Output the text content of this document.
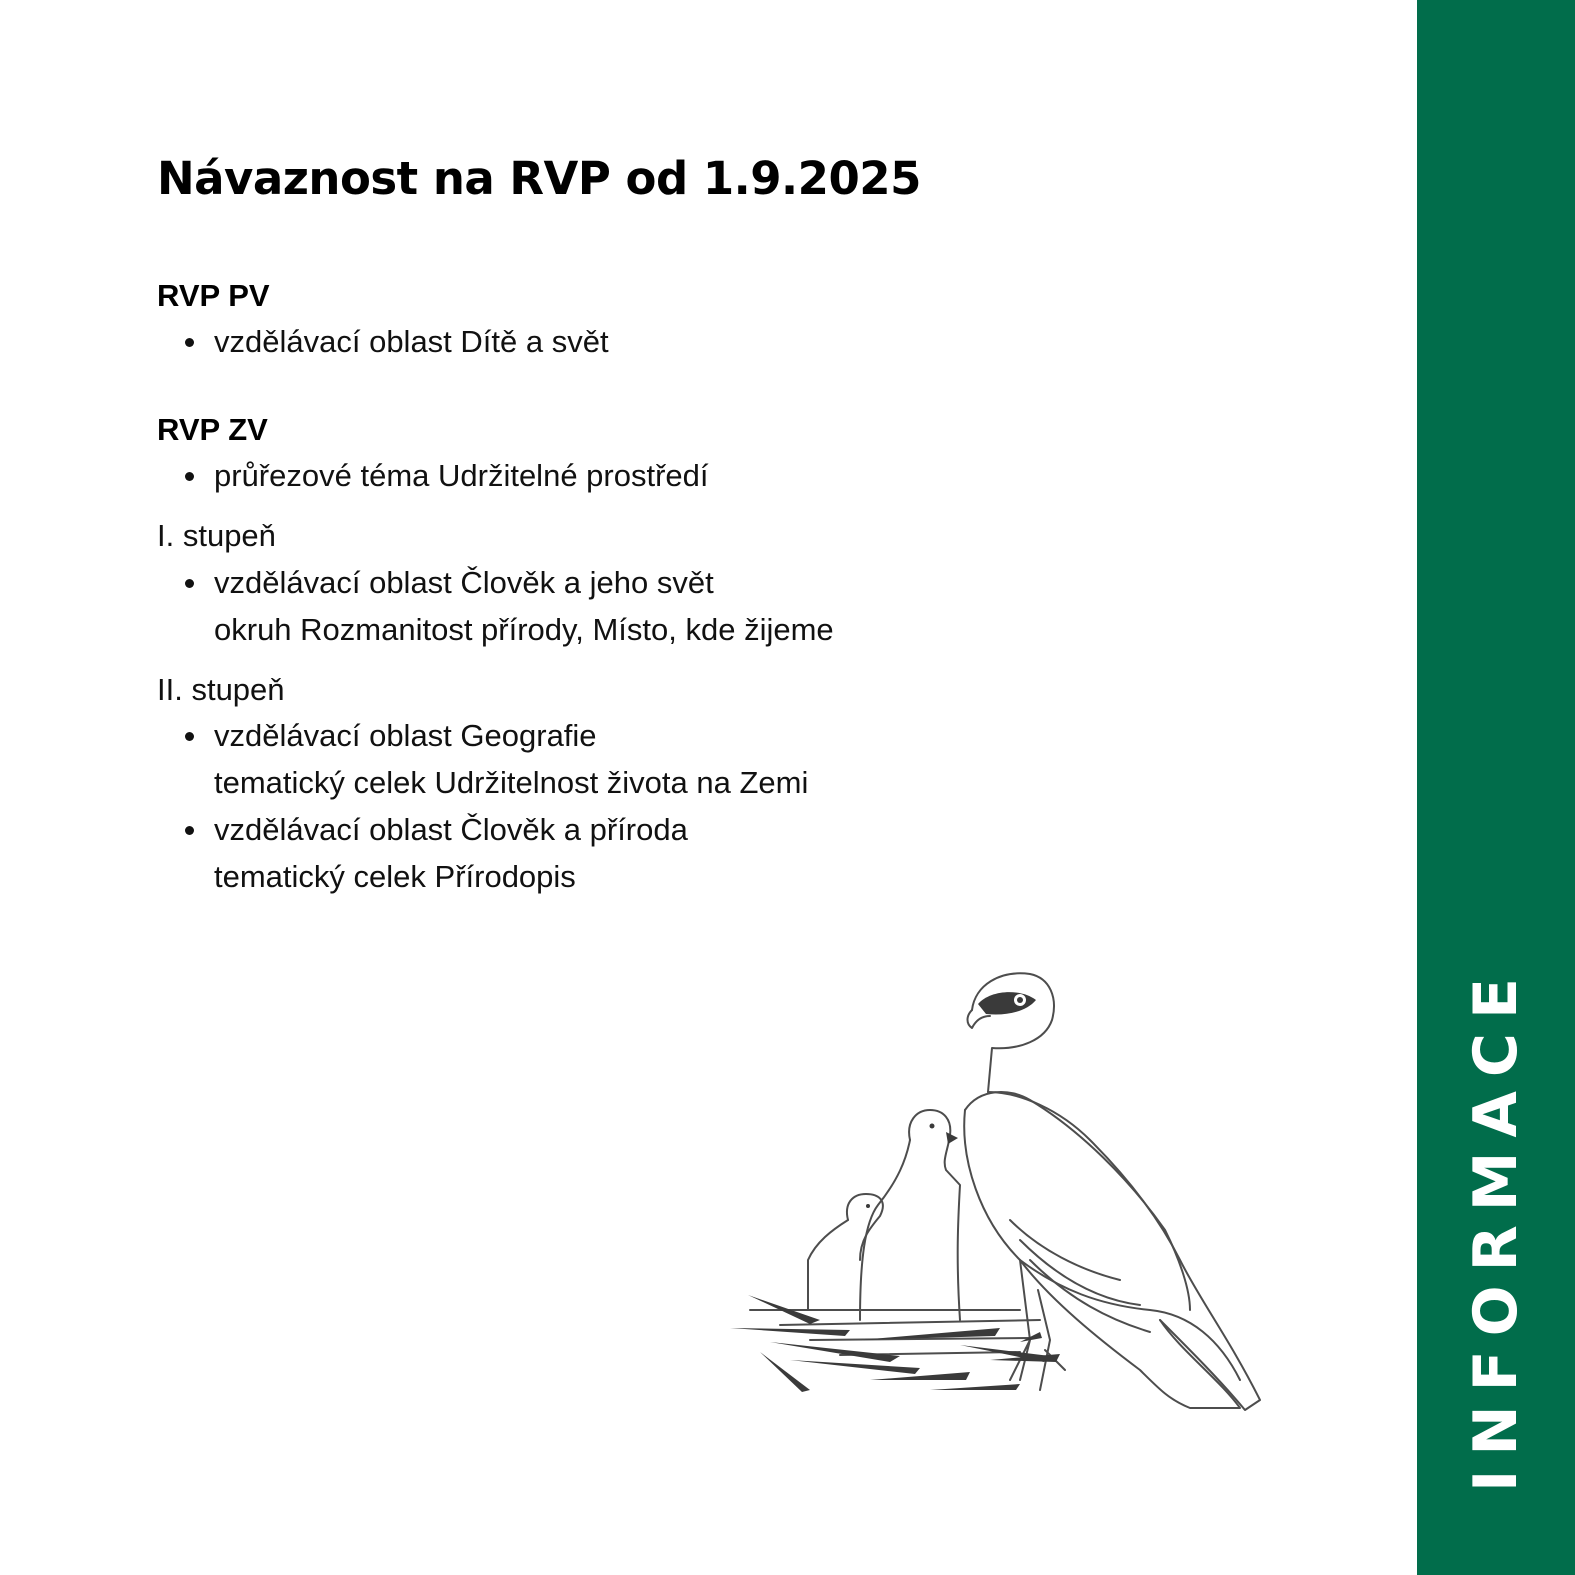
Návaznost na RVP od 1.9.2025
RVP PV
vzdělávací oblast Dítě a svět
RVP ZV
průřezové téma Udržitelné prostředí
I. stupeň
vzdělávací oblast Člověk a jeho svět
okruh Rozmanitost přírody, Místo, kde žijeme
II. stupeň
vzdělávací oblast Geografie
tematický celek Udržitelnost života na Zemi
vzdělávací oblast Člověk a příroda
tematický celek Přírodopis
INFORMACE
